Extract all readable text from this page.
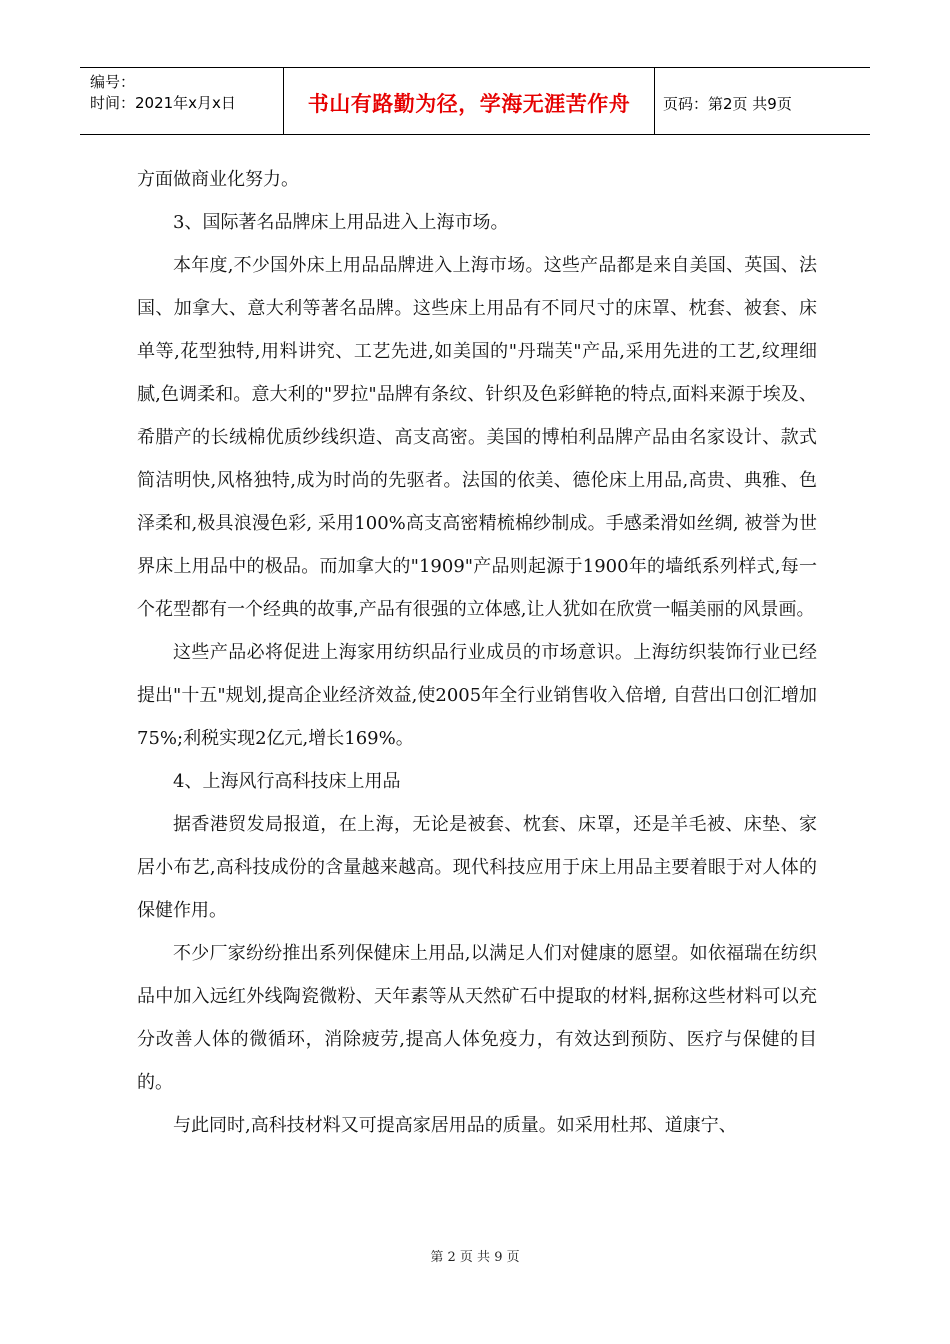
编号：
时间：2021年x月x日	书山有路勤为径，学海无涯苦作舟	页码：第2页 共9页

方面做商业化努力。

3、国际著名品牌床上用品进入上海市场。

本年度,不少国外床上用品品牌进入上海市场。这些产品都是来自美国、英国、法国、加拿大、意大利等著名品牌。这些床上用品有不同尺寸的床罩、枕套、被套、床单等,花型独特,用料讲究、工艺先进,如美国的"丹瑞芙"产品,采用先进的工艺,纹理细腻,色调柔和。意大利的"罗拉"品牌有条纹、针织及色彩鲜艳的特点,面料来源于埃及、希腊产的长绒棉优质纱线织造、高支高密。美国的博柏利品牌产品由名家设计、款式简洁明快,风格独特,成为时尚的先驱者。法国的依美、德伦床上用品,高贵、典雅、色泽柔和,极具浪漫色彩, 采用100%高支高密精梳棉纱制成。手感柔滑如丝绸, 被誉为世界床上用品中的极品。而加拿大的"1909"产品则起源于1900年的墙纸系列样式,每一个花型都有一个经典的故事,产品有很强的立体感,让人犹如在欣赏一幅美丽的风景画。

这些产品必将促进上海家用纺织品行业成员的市场意识。上海纺织装饰行业已经提出"十五"规划,提高企业经济效益,使2005年全行业销售收入倍增, 自营出口创汇增加75%;利税实现2亿元,增长169%。

4、上海风行高科技床上用品

据香港贸发局报道，在上海，无论是被套、枕套、床罩，还是羊毛被、床垫、家居小布艺,高科技成份的含量越来越高。现代科技应用于床上用品主要着眼于对人体的保健作用。

不少厂家纷纷推出系列保健床上用品,以满足人们对健康的愿望。如依福瑞在纺织品中加入远红外线陶瓷微粉、天年素等从天然矿石中提取的材料,据称这些材料可以充分改善人体的微循环，消除疲劳,提高人体免疫力，有效达到预防、医疗与保健的目的。

与此同时,高科技材料又可提高家居用品的质量。如采用杜邦、道康宁、

第 2 页 共 9 页
